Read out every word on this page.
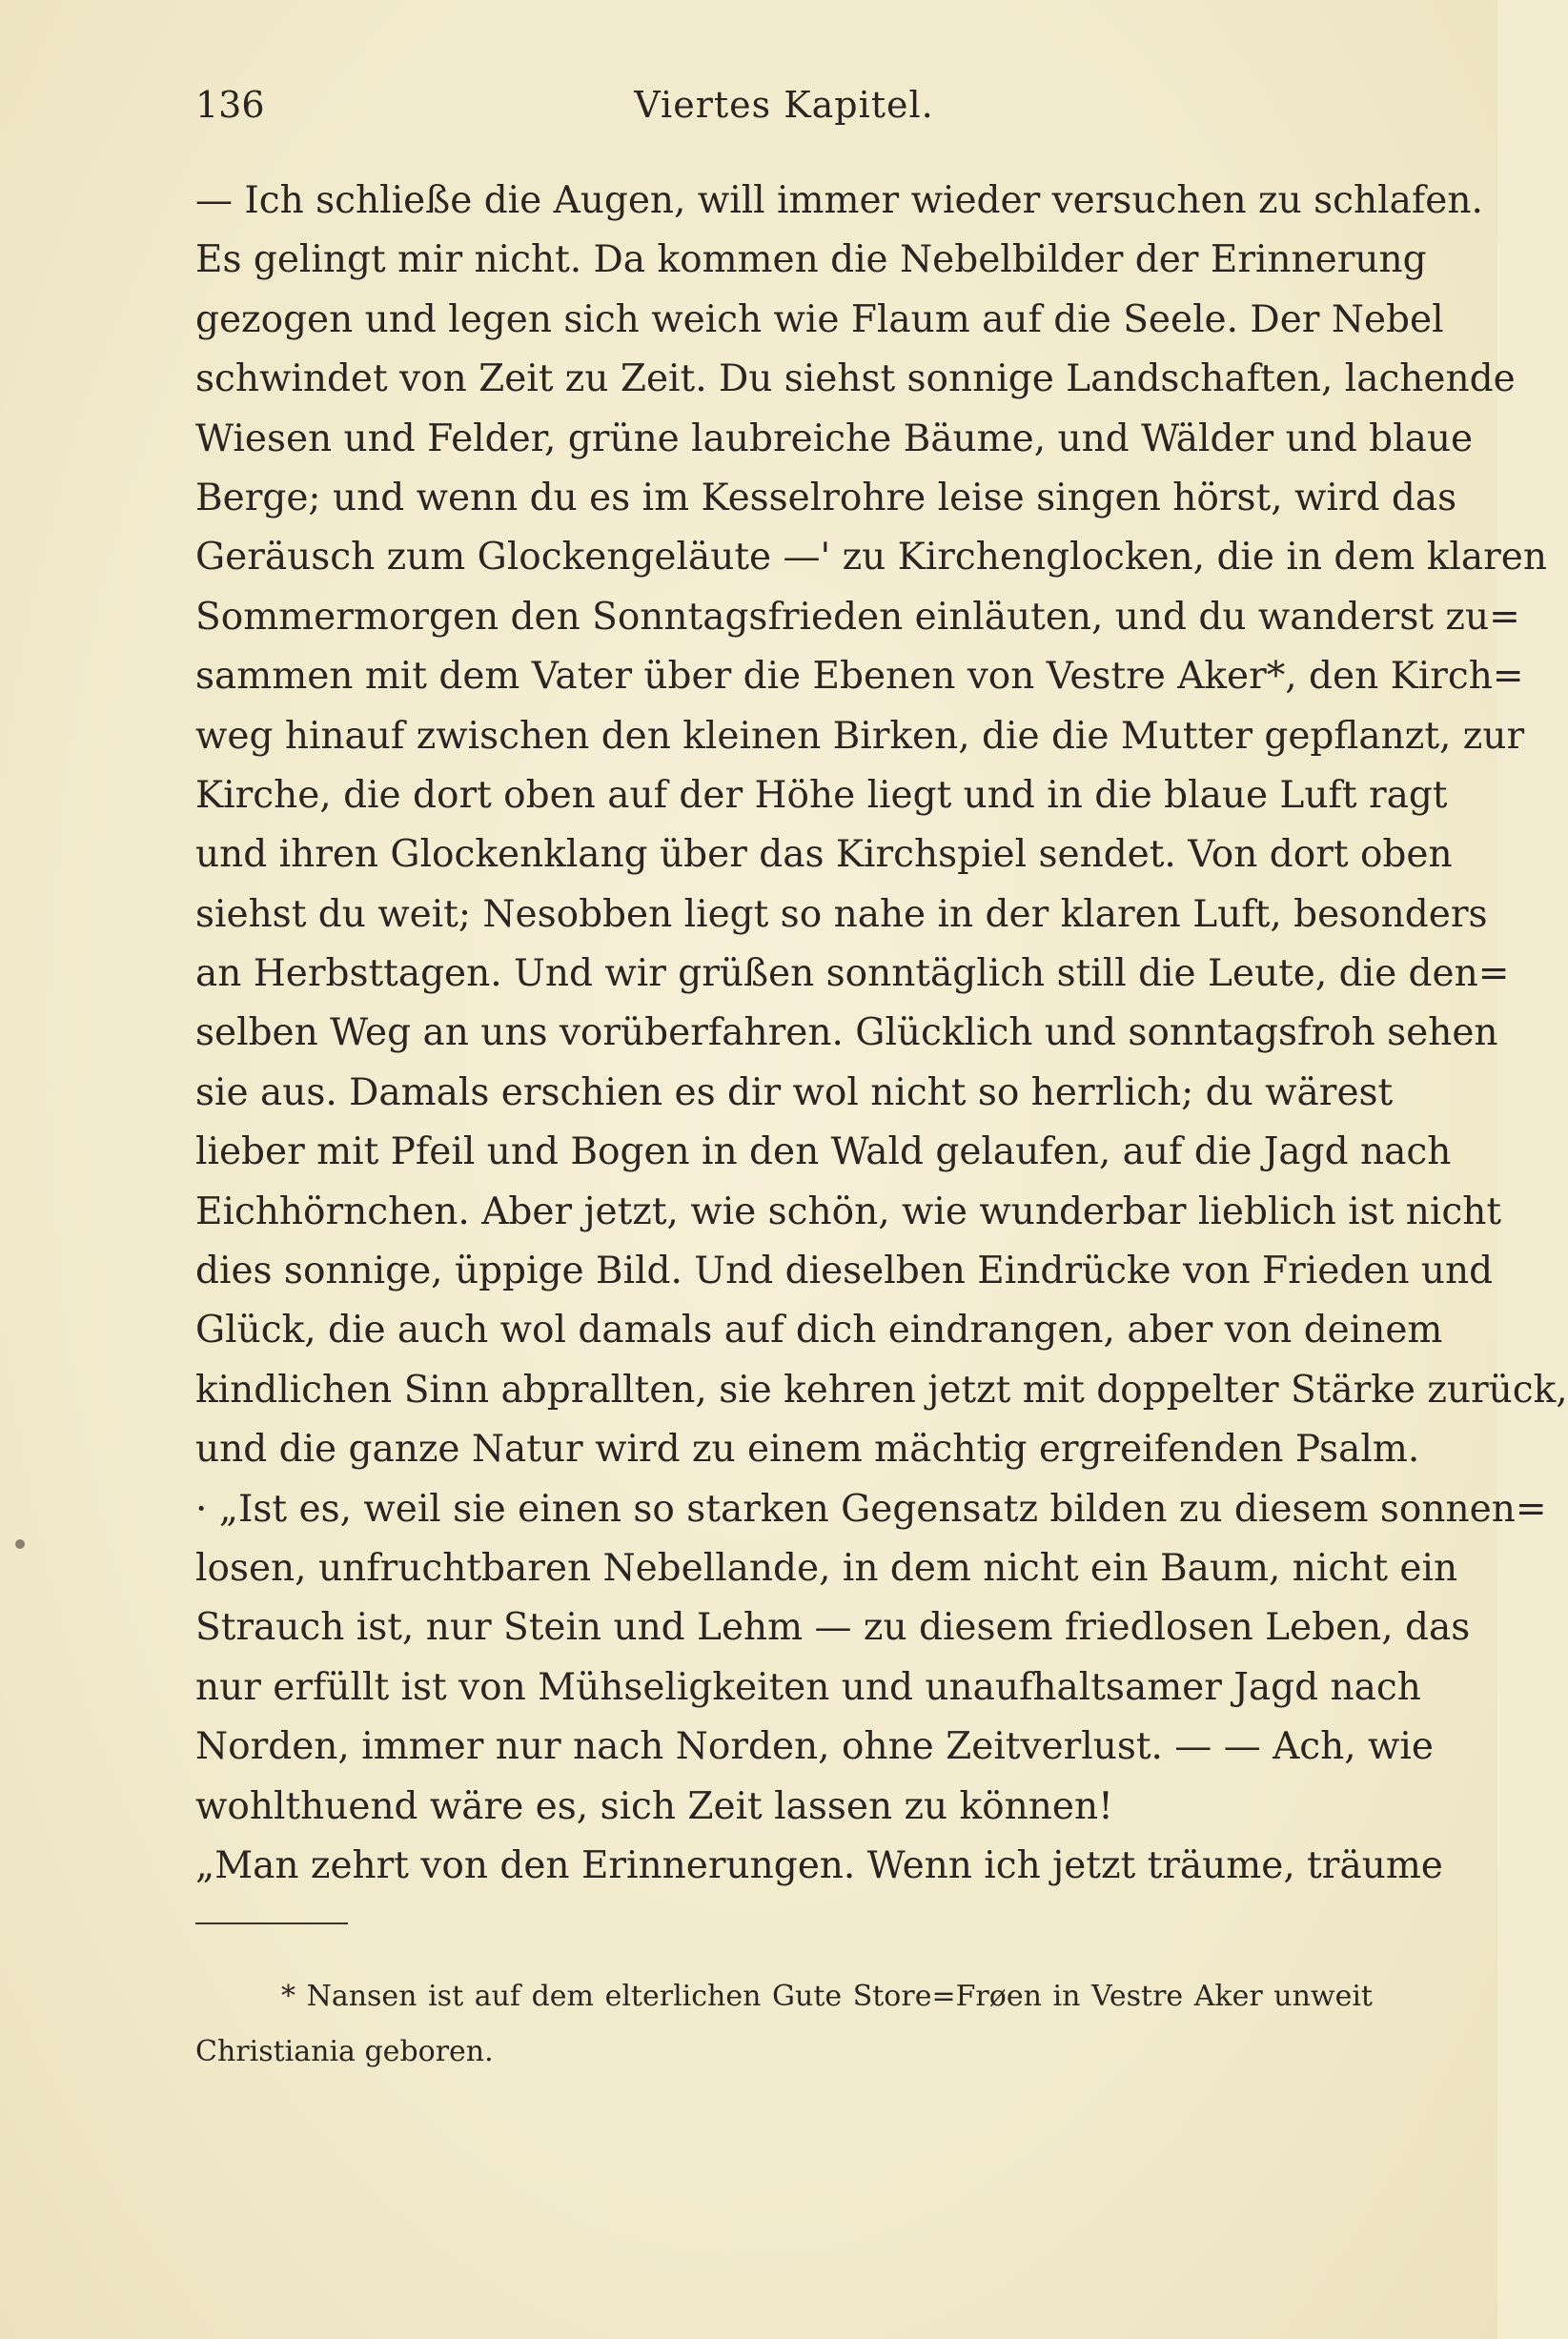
136	Viertes Kapitel.
— Ich schließe die Augen, will immer wieder versuchen zu schlafen.
Es gelingt mir nicht. Da kommen die Nebelbilder der Erinnerung
gezogen und legen sich weich wie Flaum auf die Seele. Der Nebel
schwindet von Zeit zu Zeit. Du siehst sonnige Landschaften, lachende
Wiesen und Felder, grüne laubreiche Bäume, und Wälder und blaue
Berge; und wenn du es im Kesselrohre leise singen hörst, wird das
Geräusch zum Glockengeläute —' zu Kirchenglocken, die in dem klaren
Sommermorgen den Sonntagsfrieden einläuten, und du wanderst zu=
sammen mit dem Vater über die Ebenen von Vestre Aker*, den Kirch=
weg hinauf zwischen den kleinen Birken, die die Mutter gepflanzt, zur
Kirche, die dort oben auf der Höhe liegt und in die blaue Luft ragt
und ihren Glockenklang über das Kirchspiel sendet. Von dort oben
siehst du weit; Nesobben liegt so nahe in der klaren Luft, besonders
an Herbsttagen. Und wir grüßen sonntäglich still die Leute, die den=
selben Weg an uns vorüberfahren. Glücklich und sonntagsfroh sehen
sie aus. Damals erschien es dir wol nicht so herrlich; du wärest
lieber mit Pfeil und Bogen in den Wald gelaufen, auf die Jagd nach
Eichhörnchen. Aber jetzt, wie schön, wie wunderbar lieblich ist nicht
dies sonnige, üppige Bild. Und dieselben Eindrücke von Frieden und
Glück, die auch wol damals auf dich eindrangen, aber von deinem
kindlichen Sinn abprallten, sie kehren jetzt mit doppelter Stärke zurück,
und die ganze Natur wird zu einem mächtig ergreifenden Psalm.
· „Ist es, weil sie einen so starken Gegensatz bilden zu diesem sonnen=
losen, unfruchtbaren Nebellande, in dem nicht ein Baum, nicht ein
Strauch ist, nur Stein und Lehm — zu diesem friedlosen Leben, das
nur erfüllt ist von Mühseligkeiten und unaufhaltsamer Jagd nach
Norden, immer nur nach Norden, ohne Zeitverlust. — — Ach, wie
wohlthuend wäre es, sich Zeit lassen zu können!
„Man zehrt von den Erinnerungen. Wenn ich jetzt träume, träume
* Nansen ist auf dem elterlichen Gute Store=Frøen in Vestre Aker unweit
Christiania geboren.
